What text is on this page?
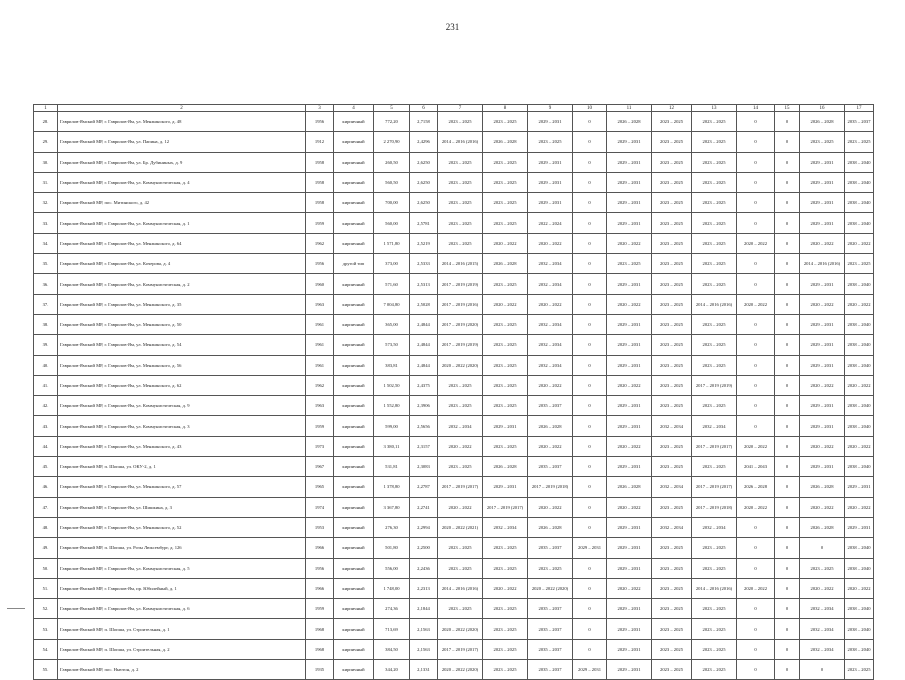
231
1	2	3	4	5	6	7	8	9	10	11	12	13	14	15	16	17
28.	Гаврилов-Ямский МР, г. Гаврилов-Ям, ул. Менжинского, д. 48	1956	кирпичный	772,20	2,7158	2023 – 2025	2023 – 2025	2029 – 2031	0	2026 – 2028	2023 – 2025	2023 – 2025	0	0	2026 – 2028	2035 – 2037
29.	Гаврилов-Ямский МР, г. Гаврилов-Ям, ул. Папина, д. 12	1912	кирпичный	2 270,90	2,4296	2014 – 2016 (2016)	2026 – 2028	2023 – 2025	0	2029 – 2031	2023 – 2025	2023 – 2025	0	0	2023 – 2025	2023 – 2025
30.	Гаврилов-Ямский МР, г. Гаврилов-Ям, ул. Бр. Дубининых, д. 9	1958	кирпичный	260,50	2,6250	2023 – 2025	2023 – 2025	2029 – 2031	0	2029 – 2031	2023 – 2025	2023 – 2025	0	0	2029 – 2031	2038 – 2040
31.	Гаврилов-Ямский МР, г. Гаврилов-Ям, ул. Коммунистическая, д. 4	1958	кирпичный	560,50	2,6250	2023 – 2025	2023 – 2025	2029 – 2031	0	2029 – 2031	2023 – 2025	2023 – 2025	0	0	2029 – 2031	2038 – 2040
32.	Гаврилов-Ямский МР, пос. Митинского, д. 42	1958	кирпичный	700,00	2,6250	2023 – 2025	2023 – 2025	2029 – 2031	0	2029 – 2031	2023 – 2025	2023 – 2025	0	0	2029 – 2031	2038 – 2040
33.	Гаврилов-Ямский МР, г. Гаврилов-Ям, ул. Коммунистическая, д. 1	1959	кирпичный	560,00	2,5781	2023 – 2025	2023 – 2025	2022 – 2024	0	2029 – 2031	2023 – 2025	2023 – 2025	0	0	2029 – 2031	2038 – 2040
34.	Гаврилов-Ямский МР, г. Гаврилов-Ям, ул. Менжинского, д. 64	1962	кирпичный	1 571,80	2,5219	2023 – 2025	2020 – 2022	2020 – 2022	0	2020 – 2022	2023 – 2025	2023 – 2025	2020 – 2022	0	2020 – 2022	2020 – 2022
35.	Гаврилов-Ямский МР, г. Гаврилов-Ям, ул. Кочерова, д. 4	1956	другой тип	373,00	2,5333	2014 – 2016 (2015)	2026 – 2028	2032 – 2034	0	2023 – 2025	2023 – 2025	2023 – 2025	0	0	2014 – 2016 (2016)	2023 – 2025
36.	Гаврилов-Ямский МР, г. Гаврилов-Ям, ул. Коммунистическая, д. 2	1960	кирпичный	571,60	2,5313	2017 – 2019 (2019)	2023 – 2025	2032 – 2034	0	2029 – 2031	2023 – 2025	2023 – 2025	0	0	2029 – 2031	2038 – 2040
37.	Гаврилов-Ямский МР, г. Гаврилов-Ям, ул. Менжинского, д. 35	1963	кирпичный	7 004,80	2,5028	2017 – 2019 (2016)	2020 – 2022	2020 – 2022	0	2020 – 2022	2023 – 2025	2014 – 2016 (2016)	2020 – 2022	0	2020 – 2022	2020 – 2022
38.	Гаврилов-Ямский МР, г. Гаврилов-Ям, ул. Менжинского, д. 50	1961	кирпичный	365,00	2,4844	2017 – 2019 (2020)	2023 – 2025	2032 – 2034	0	2029 – 2031	2023 – 2025	2023 – 2025	0	0	2029 – 2031	2038 – 2040
39.	Гаврилов-Ямский МР, г. Гаврилов-Ям, ул. Менжинского, д. 54	1961	кирпичный	573,50	2,4844	2017 – 2019 (2019)	2023 – 2025	2032 – 2034	0	2029 – 2031	2023 – 2025	2023 – 2025	0	0	2029 – 2031	2038 – 2040
40.	Гаврилов-Ямский МР, г. Гаврилов-Ям, ул. Менжинского, д. 56	1961	кирпичный	383,81	2,4844	2020 – 2022 (2020)	2023 – 2025	2032 – 2034	0	2029 – 2031	2023 – 2025	2023 – 2025	0	0	2029 – 2031	2038 – 2040
41.	Гаврилов-Ямский МР, г. Гаврилов-Ям, ул. Менжинского, д. 62	1962	кирпичный	1 502,50	2,4375	2023 – 2025	2023 – 2025	2020 – 2022	0	2020 – 2022	2023 – 2025	2017 – 2019 (2019)	0	0	2020 – 2022	2020 – 2022
42.	Гаврилов-Ямский МР, г. Гаврилов-Ям, ул. Коммунистическая, д. 9	1963	кирпичный	1 552,80	2,3906	2023 – 2025	2023 – 2025	2035 – 2037	0	2029 – 2031	2023 – 2025	2023 – 2025	0	0	2029 – 2031	2038 – 2040
43.	Гаврилов-Ямский МР, г. Гаврилов-Ям, ул. Коммунистическая, д. 3	1959	кирпичный	599,00	2,5656	2032 – 2034	2029 – 2031	2026 – 2028	0	2029 – 2031	2032 – 2034	2032 – 2034	0	0	2029 – 2031	2038 – 2040
44.	Гаврилов-Ямский МР, г. Гаврилов-Ям, ул. Менжинского, д. 43	1973	кирпичный	3 380,11	2,3157	2020 – 2022	2023 – 2025	2020 – 2022	0	2020 – 2022	2023 – 2025	2017 – 2019 (2017)	2020 – 2022	0	2020 – 2022	2020 – 2022
45.	Гаврилов-Ямский МР, п. Шопша, ул. ОКУ-2, д. 1	1967	кирпичный	531,81	2,3083	2023 – 2025	2026 – 2028	2035 – 2037	0	2029 – 2031	2023 – 2025	2023 – 2025	2041 – 2043	0	2029 – 2031	2038 – 2040
46.	Гаврилов-Ямский МР, г. Гаврилов-Ям, ул. Менжинского, д. 57	1965	кирпичный	1 378,80	2,2787	2017 – 2019 (2017)	2029 – 2031	2017 – 2019 (2018)	0	2026 – 2028	2032 – 2034	2017 – 2019 (2017)	2026 – 2028	0	2026 – 2028	2029 – 2031
47.	Гаврилов-Ямский МР, г. Гаврилов-Ям, ул. Шишкина, д. 3	1974	кирпичный	3 367,80	2,2741	2020 – 2022	2017 – 2019 (2017)	2020 – 2022	0	2020 – 2022	2023 – 2025	2017 – 2019 (2018)	2020 – 2022	0	2020 – 2022	2020 – 2022
48.	Гаврилов-Ямский МР, г. Гаврилов-Ям, ул. Менжинского, д. 52	1953	кирпичный	276,30	2,2994	2020 – 2022 (2021)	2032 – 2034	2026 – 2028	0	2029 – 2031	2032 – 2034	2032 – 2034	0	0	2026 – 2028	2029 – 2031
49.	Гаврилов-Ямский МР, п. Шопша, ул. Розы Люксембург, д. 126	1966	кирпичный	501,80	2,2500	2023 – 2025	2023 – 2025	2035 – 2037	2029 – 2031	2029 – 2031	2023 – 2025	2023 – 2025	0	0	0	2038 – 2040
50.	Гаврилов-Ямский МР, г. Гаврилов-Ям, ул. Коммунистическая, д. 5	1956	кирпичный	556,00	2,2436	2023 – 2025	2023 – 2025	2023 – 2025	0	2029 – 2031	2023 – 2025	2023 – 2025	0	0	2023 – 2025	2038 – 2040
51.	Гаврилов-Ямский МР, г. Гаврилов-Ям, пр. Юбилейный, д. 1	1966	кирпичный	1 748,00	2,2313	2014 – 2016 (2016)	2020 – 2022	2020 – 2022 (2020)	0	2020 – 2022	2023 – 2025	2014 – 2016 (2016)	2020 – 2022	0	2020 – 2022	2020 – 2022
52.	Гаврилов-Ямский МР, г. Гаврилов-Ям, ул. Коммунистическая, д. 6	1959	кирпичный	274,36	2,1844	2023 – 2025	2023 – 2025	2035 – 2037	0	2029 – 2031	2023 – 2025	2023 – 2025	0	0	2032 – 2034	2038 – 2040
53.	Гаврилов-Ямский МР, п. Шопша, ул. Строительная, д. 1	1968	кирпичный	713,69	2,1563	2020 – 2022 (2020)	2023 – 2025	2035 – 2037	0	2029 – 2031	2023 – 2025	2023 – 2025	0	0	2032 – 2034	2038 – 2040
54.	Гаврилов-Ямский МР, п. Шопша, ул. Строительная, д. 2	1968	кирпичный	384,50	2,1563	2017 – 2019 (2017)	2023 – 2025	2035 – 2037	0	2029 – 2031	2023 – 2025	2023 – 2025	0	0	2032 – 2034	2038 – 2040
55.	Гаврилов-Ямский МР, пос. Ньютон, д. 2	1935	кирпичный	344,20	2,1331	2020 – 2022 (2020)	2023 – 2025	2035 – 2037	2029 – 2031	2029 – 2031	2023 – 2025	2023 – 2025	0	0	0	2023 – 2025
